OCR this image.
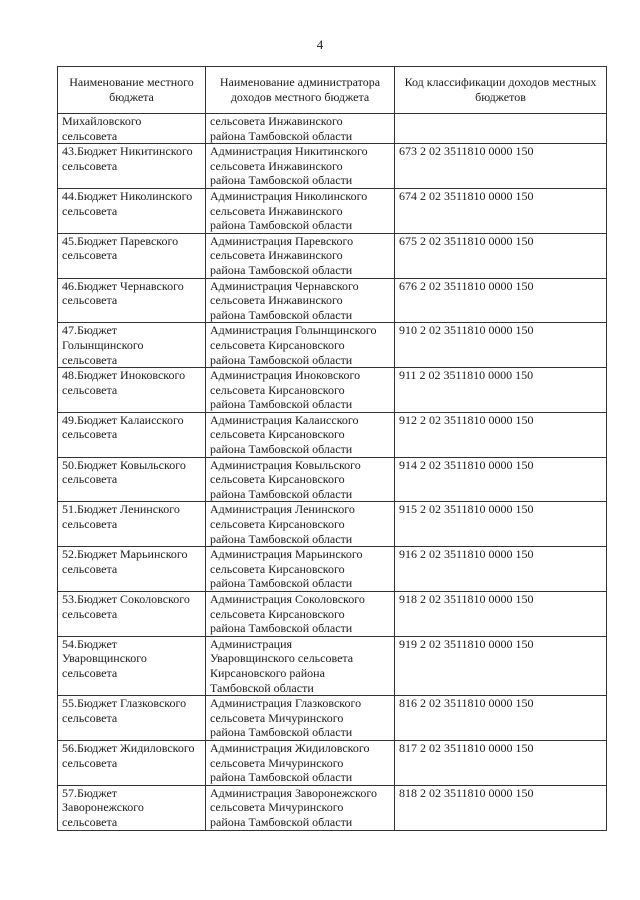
4
Наименование местного бюджета	Наименование администратора доходов местного бюджета	Код классификации доходов местных бюджетов

Михайловского
сельсовета	сельсовета Инжавинского
района Тамбовской области	

43.Бюджет Никитинского
сельсовета	Администрация Никитинского
сельсовета Инжавинского
района Тамбовской области	673 2 02 3511810 0000 150

44.Бюджет Николинского
сельсовета	Администрация Николинского
сельсовета Инжавинского
района Тамбовской области	674 2 02 3511810 0000 150

45.Бюджет Паревского
сельсовета	Администрация Паревского
сельсовета Инжавинского
района Тамбовской области	675 2 02 3511810 0000 150

46.Бюджет Чернавского
сельсовета	Администрация Чернавского
сельсовета Инжавинского
района Тамбовской области	676 2 02 3511810 0000 150

47.Бюджет
Голынщинского
сельсовета	Администрация Голынщинского
сельсовета Кирсановского
района Тамбовской области	910 2 02 3511810 0000 150

48.Бюджет Иноковского
сельсовета	Администрация Иноковского
сельсовета Кирсановского
района Тамбовской области	911 2 02 3511810 0000 150

49.Бюджет Калаисского
сельсовета	Администрация Калаисского
сельсовета Кирсановского
района Тамбовской области	912 2 02 3511810 0000 150

50.Бюджет Ковыльского
сельсовета	Администрация Ковыльского
сельсовета Кирсановского
района Тамбовской области	914 2 02 3511810 0000 150

51.Бюджет Ленинского
сельсовета	Администрация Ленинского
сельсовета Кирсановского
района Тамбовской области	915 2 02 3511810 0000 150

52.Бюджет Марьинского
сельсовета	Администрация Марьинского
сельсовета Кирсановского
района Тамбовской области	916 2 02 3511810 0000 150

53.Бюджет Соколовского
сельсовета	Администрация Соколовского
сельсовета Кирсановского
района Тамбовской области	918 2 02 3511810 0000 150

54.Бюджет
Уваровщинского
сельсовета	Администрация
Уваровщинского сельсовета
Кирсановского района
Тамбовской области	919 2 02 3511810 0000 150

55.Бюджет Глазковского
сельсовета	Администрация Глазковского
сельсовета Мичуринского
района Тамбовской области	816 2 02 3511810 0000 150

56.Бюджет Жидиловского
сельсовета	Администрация Жидиловского
сельсовета Мичуринского
района Тамбовской области	817 2 02 3511810 0000 150

57.Бюджет
Заворонежского
сельсовета	Администрация Заворонежского
сельсовета Мичуринского
района Тамбовской области	818 2 02 3511810 0000 150
